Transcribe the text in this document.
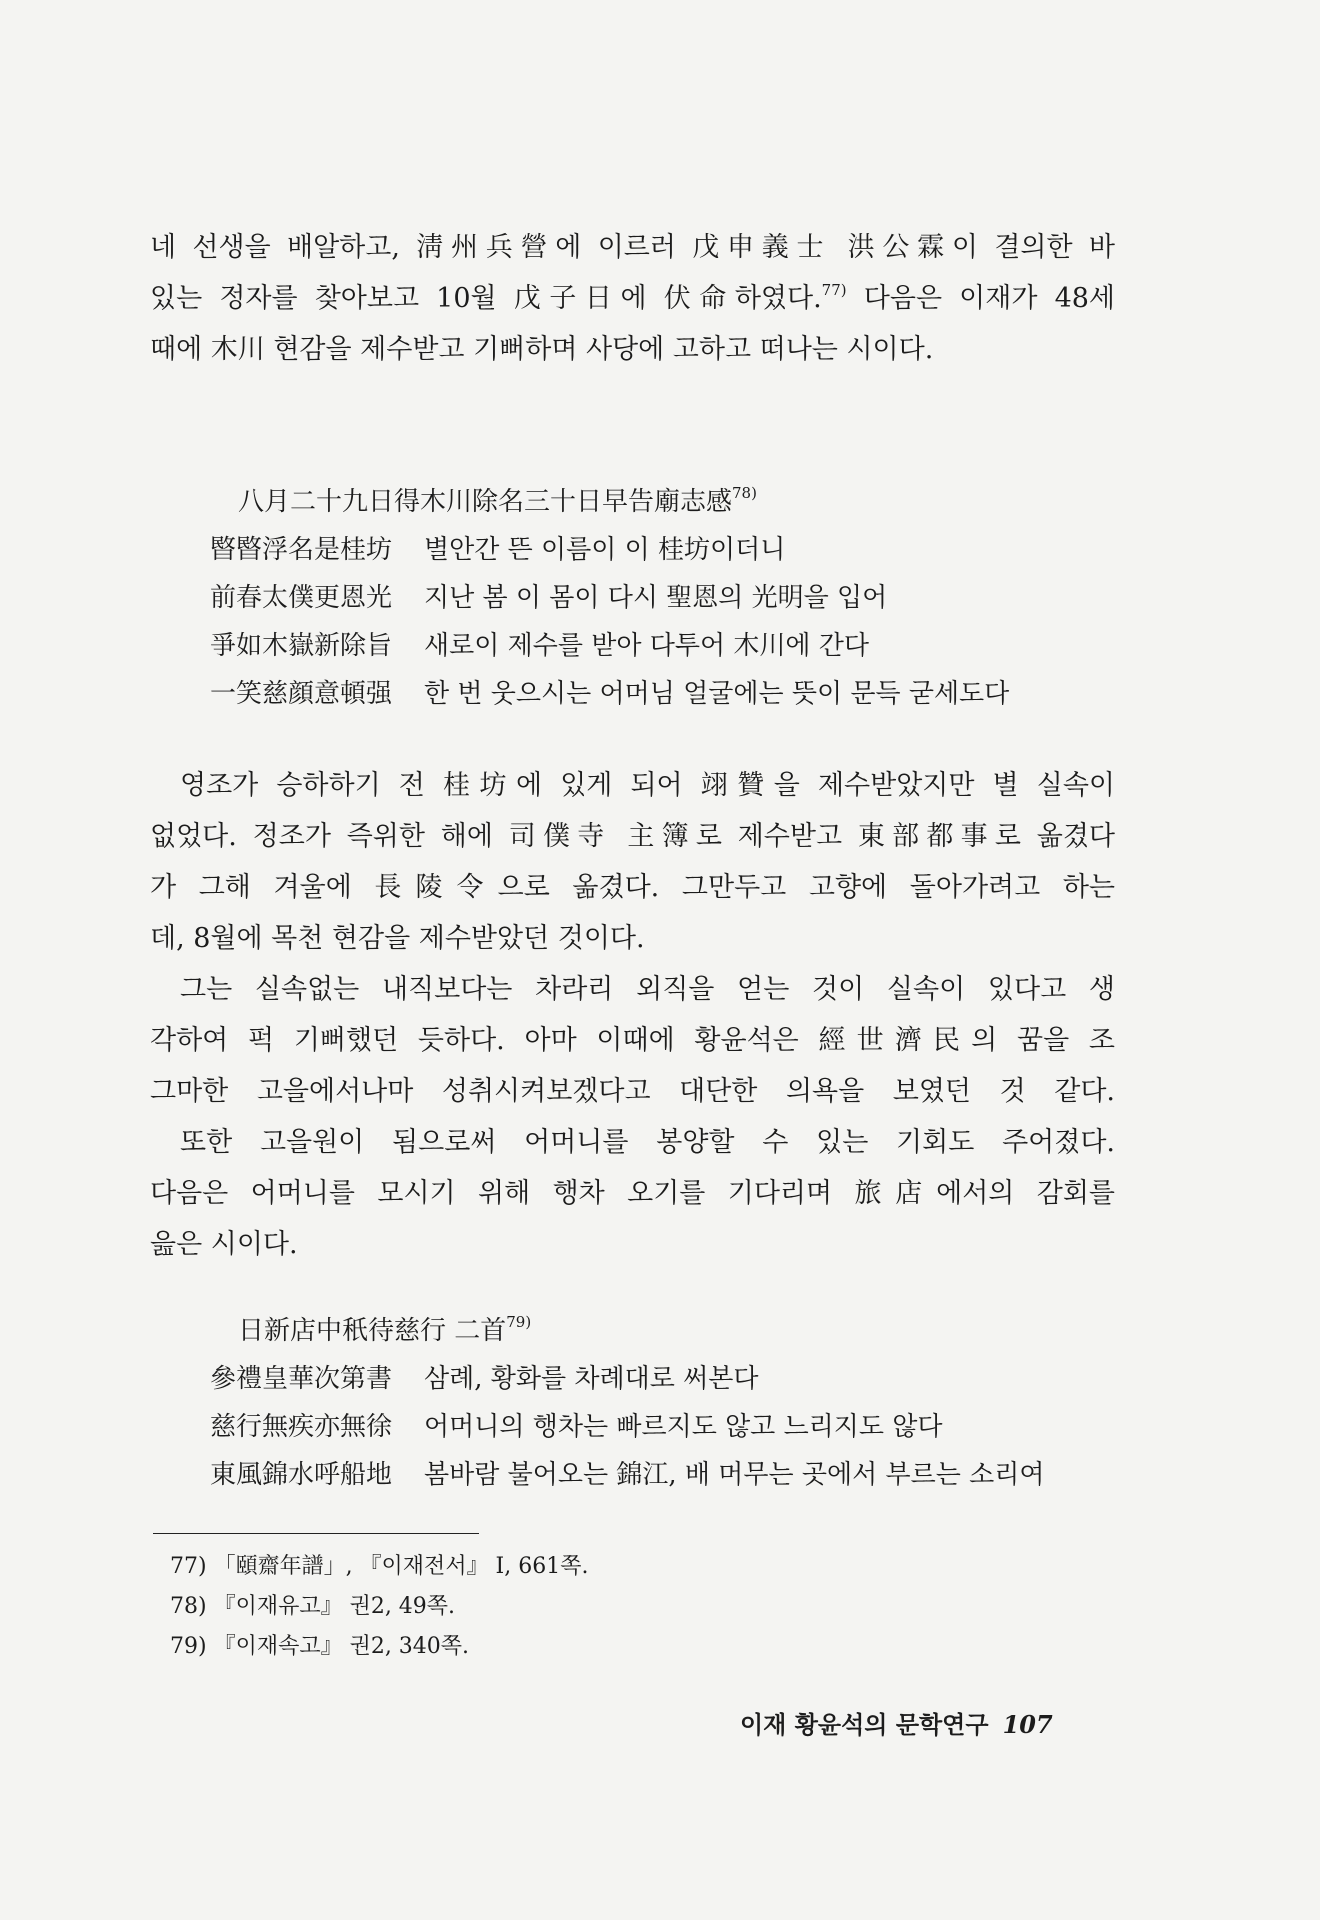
네 선생을 배알하고, 淸州兵營에 이르러 戊申義士 洪公霖이 결의한 바

있는 정자를 찾아보고 10월 戊子日에 伏命하였다.$^{77)}$ 다음은 이재가 48세

때에 木川 현감을 제수받고 기뻐하며 사당에 고하고 떠나는 시이다.

八月二十九日得木川除名三十日早告廟志感$^{78)}$
暋暋浮名是桂坊	별안간 뜬 이름이 이 桂坊이더니
前春太僕更恩光	지난 봄 이 몸이 다시 聖恩의 光明을 입어
爭如木嶽新除旨	새로이 제수를 받아 다투어 木川에 간다
一笑慈顔意頓强	한 번 웃으시는 어머님 얼굴에는 뜻이 문득 굳세도다

영조가 승하하기 전 桂坊에 있게 되어 翊贊을 제수받았지만 별 실속이

없었다. 정조가 즉위한 해에 司僕寺 主簿로 제수받고 東部都事로 옮겼다

가 그해 겨울에 長陵令으로 옮겼다. 그만두고 고향에 돌아가려고 하는

데, 8월에 목천 현감을 제수받았던 것이다.

그는 실속없는 내직보다는 차라리 외직을 얻는 것이 실속이 있다고 생

각하여 퍽 기뻐했던 듯하다. 아마 이때에 황윤석은 經世濟民의 꿈을 조

그마한 고을에서나마 성취시켜보겠다고 대단한 의욕을 보였던 것 같다.

또한 고을원이 됨으로써 어머니를 봉양할 수 있는 기회도 주어졌다.

다음은 어머니를 모시기 위해 행차 오기를 기다리며 旅店에서의 감회를

읊은 시이다.

日新店中秖待慈行 二首$^{79)}$
參禮皇華次第書	삼례, 황화를 차례대로 써본다
慈行無疾亦無徐	어머니의 행차는 빠르지도 않고 느리지도 않다
東風錦水呼船地	봄바람 불어오는 錦江, 배 머무는 곳에서 부르는 소리여
77) 「頤齋年譜」, 『이재전서』 I, 661쪽.
78) 『이재유고』 권2, 49쪽.
79) 『이재속고』 권2, 340쪽.
이재 황윤석의 문학연구 107
